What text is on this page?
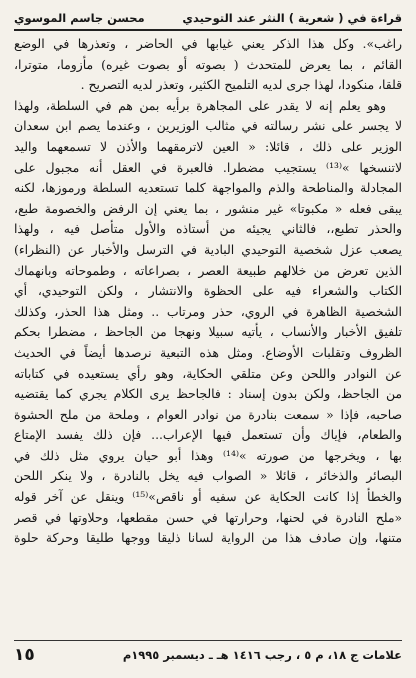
قراءة في ( شعرية ) النثر عند التوحيدي
محسن جاسم الموسوي
راغب». وكل هذا الذكر يعني غيابها في الحاضر ، وتعذرها في الوضع
القائم ، بما يعرض للمتحدث ( بصوته أو بصوت غيره) مأزوما، متوترا،
قلقا، منكودا، لهذا جرى لديه التلميح الكثير، وتعذر لديه التصريح .
وهو يعلم إنه لا يقدر على المجاهرة برأيه بمن هم في السلطة، ولهذا
لا يجسر على نشر رسالته في مثالب الوزيرين ، وعندما يصم ابن سعدان
الوزير على ذلك ، قائلا: « العين لاترمقهما والأذن لا تسمعهما واليد
لاتنسخها »⁽¹³⁾ يستجيب مضطرا. فالعبرة في العقل أنه مجبول على
المجادلة والمناطحة والذم والمواجهة كلما تستعديه السلطة ورموزها، لكنه
يبقى فعله « مكبوتا» غير منشور ، بما يعني إن الرفض والخصومة طبع،
والحذر تطبع،، فالثاني يجيئه من أستاذه والأول متأصل فيه ، ولهذا
يصعب عزل شخصية التوحيدي البادية في الترسل والأخبار عن (النظراء)
الذين تعرض من خلالهم طبيعة العصر ، بصراعاته ، وطموحاته وبانهماك
الكتاب والشعراء فيه على الحظوة والانتشار ، ولكن التوحيدي، أي
الشخصية الظاهرة في الروي، حذر ومرتاب .. ومثل هذا الحذر، وكذلك
تلفيق الأخبار والأنساب ، يأتيه سبيلا ونهجا من الجاحظ ، مضطرا بحكم
الظروف وتقلبات الأوضاع. ومثل هذه التبعية نرصدها أيضاً في الحديث
عن النوادر واللحن وعن متلقي الحكاية، وهو رأي يستعيده في كتاباته
من الجاحظ، ولكن بدون إسناد : فالجاحظ يرى الكلام يجري كما يقتضيه
صاحبه، فإذا « سمعت بنادرة من نوادر العوام ، وملحة من ملح الحشوة
والطعام، فإياك وأن تستعمل فيها الإعراب... فإن ذلك يفسد الإمتاع
بها ، ويخرجها من صورته »⁽¹⁴⁾ وهذا أبو حيان يروي مثل ذلك في
البصائر والذخائر ، قائلا « الصواب فيه يخل بالنادرة ، ولا ينكر اللحن
والخطأ إذا كانت الحكاية عن سفيه أو ناقص»⁽¹⁵⁾ وينقل عن آخر قوله
«ملح النادرة في لحنها، وحرارتها في حسن مقطعها، وحلاوتها في قصر
متنها، وإن صادف هذا من الرواية لسانا ذليقا ووجها طليقا وحركة حلوة
علامات ج ١٨، م ٥ ، رجب ١٤١٦ هـ ـ ديسمبر ١٩٩٥م
١٥
